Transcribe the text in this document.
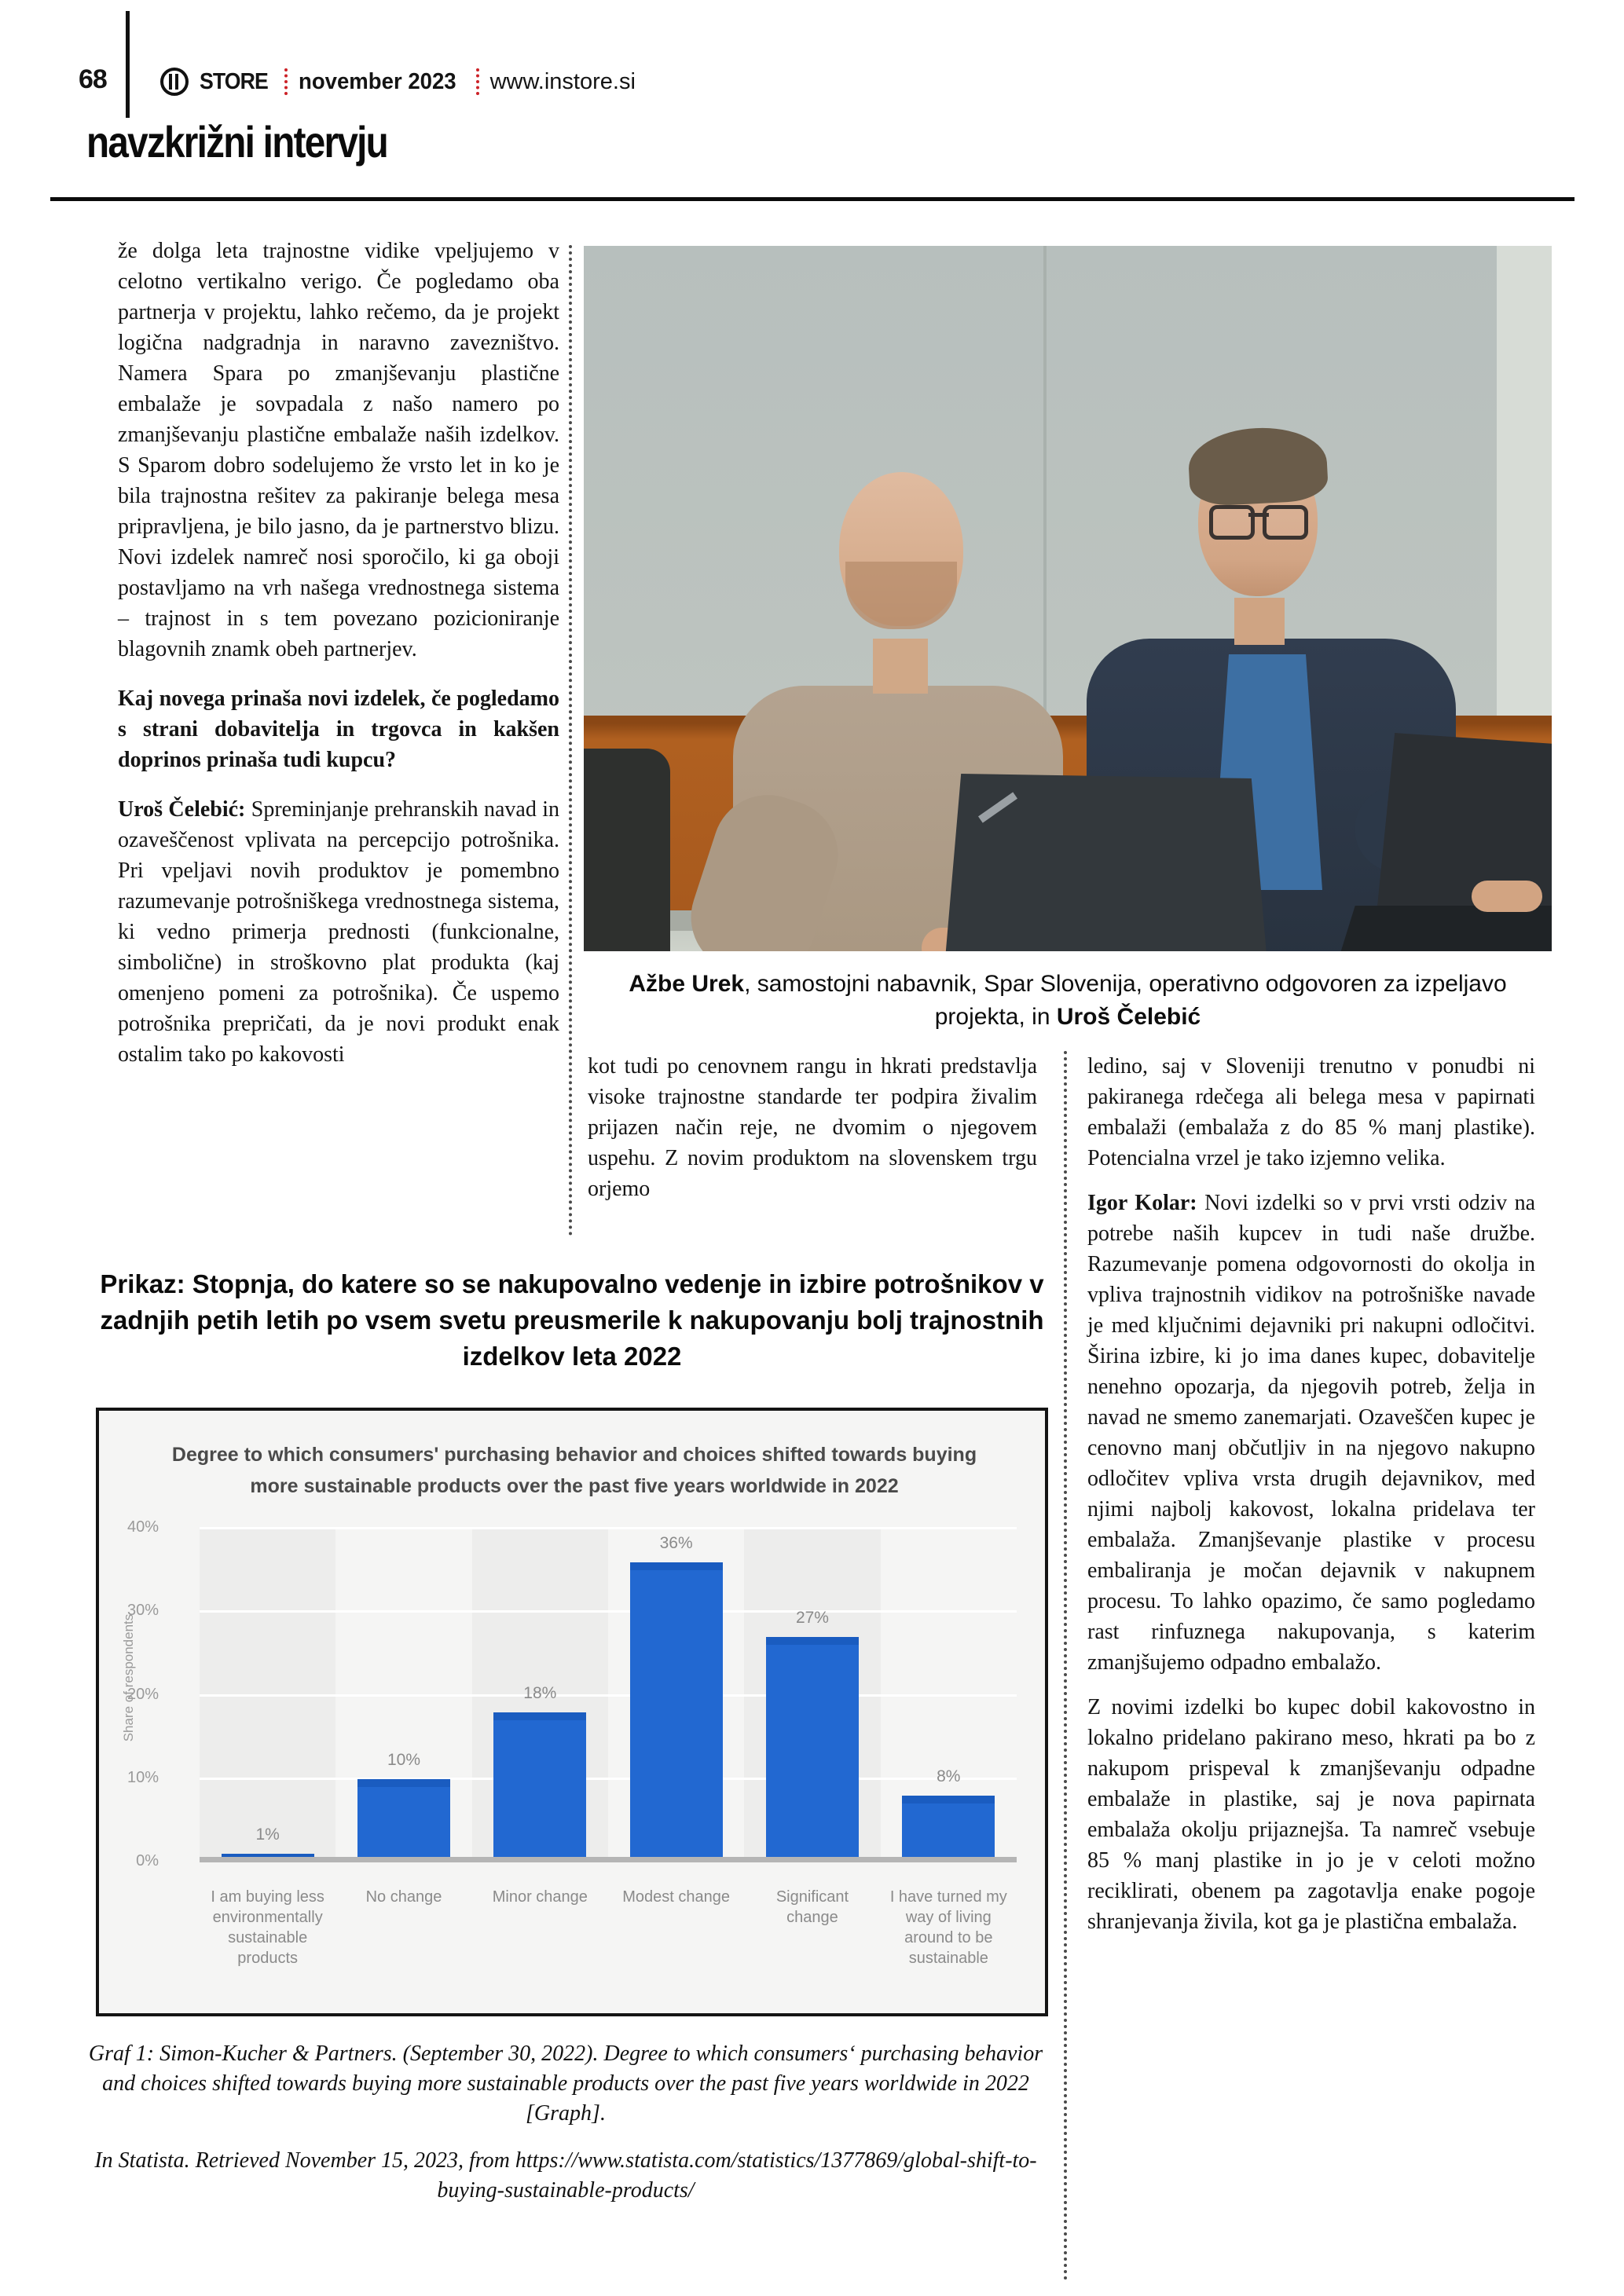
68	STORE november 2023 www.instore.si
navzkrižni intervju

že dolga leta trajnostne vidike vpeljujemo v celotno vertikalno verigo. Če pogledamo oba partnerja v projektu, lahko rečemo, da je projekt logična nadgradnja in naravno zavezništvo. Namera Spara po zmanjševanju plastične embalaže je sovpadala z našo namero po zmanjševanju plastične embalaže naših izdelkov. S Sparom dobro sodelujemo že vrsto let in ko je bila trajnostna rešitev za pakiranje belega mesa pripravljena, je bilo jasno, da je partnerstvo blizu. Novi izdelek namreč nosi sporočilo, ki ga oboji postavljamo na vrh našega vrednostnega sistema – trajnost in s tem povezano pozicioniranje blagovnih znamk obeh partnerjev.

Kaj novega prinaša novi izdelek, če pogledamo s strani dobavitelja in trgovca in kakšen doprinos prinaša tudi kupcu?

Uroš Čelebić: Spreminjanje prehranskih navad in ozaveščenost vplivata na percepcijo potrošnika. Pri vpeljavi novih produktov je pomembno razumevanje potrošniškega vrednostnega sistema, ki vedno primerja prednosti (funkcionalne, simbolične) in stroškovno plat produkta (kaj omenjeno pomeni za potrošnika). Če uspemo potrošnika prepričati, da je novi produkt enak ostalim tako po kakovosti

Ažbe Urek, samostojni nabavnik, Spar Slovenija, operativno odgovoren za izpeljavo projekta, in Uroš Čelebić

kot tudi po cenovnem rangu in hkrati predstavlja visoke trajnostne standarde ter podpira živalim prijazen način reje, ne dvomim o njegovem uspehu. Z novim produktom na slovenskem trgu orjemo

ledino, saj v Sloveniji trenutno v ponudbi ni pakiranega rdečega ali belega mesa v papirnati embalaži (embalaža z do 85 % manj plastike). Potencialna vrzel je tako izjemno velika.

Igor Kolar: Novi izdelki so v prvi vrsti odziv na potrebe naših kupcev in tudi naše družbe. Razumevanje pomena odgovornosti do okolja in vpliva trajnostnih vidikov na potrošniške navade je med ključnimi dejavniki pri nakupni odločitvi. Širina izbire, ki jo ima danes kupec, dobavitelje nenehno opozarja, da njegovih potreb, želja in navad ne smemo zanemarjati. Ozaveščen kupec je cenovno manj občutljiv in na njegovo nakupno odločitev vpliva vrsta drugih dejavnikov, med njimi najbolj kakovost, lokalna pridelava ter embalaža. Zmanjševanje plastike v procesu embaliranja je močan dejavnik v nakupnem procesu. To lahko opazimo, če samo pogledamo rast rinfuznega nakupovanja, s katerim zmanjšujemo odpadno embalažo.

Z novimi izdelki bo kupec dobil kakovostno in lokalno pridelano pakirano meso, hkrati pa bo z nakupom prispeval k zmanjševanju odpadne embalaže in plastike, saj je nova papirnata embalaža okolju prijaznejša. Ta namreč vsebuje 85 % manj plastike in jo je v celoti možno reciklirati, obenem pa zagotavlja enake pogoje shranjevanja živila, kot ga je plastična embalaža.

Prikaz: Stopnja, do katere so se nakupovalno vedenje in izbire potrošnikov v zadnjih petih letih po vsem svetu preusmerile k nakupovanju bolj trajnostnih izdelkov leta 2022
Degree to which consumers' purchasing behavior and choices shifted towards buying more sustainable products over the past five years worldwide in 2022
Share of respondents
40%
30%
20%
10%
0%
1%
10%
18%
36%
27%
8%
I am buying less environmentally sustainable products
No change	Minor change	Modest change	Significant change
I have turned my way of living around to be sustainable

Graf 1: Simon-Kucher & Partners. (September 30, 2022). Degree to which consumers‘ purchasing behavior and choices shifted towards buying more sustainable products over the past five years worldwide in 2022 [Graph].

In Statista. Retrieved November 15, 2023, from https://www.statista.com/statistics/1377869/global-shift-to-buying-sustainable-products/
